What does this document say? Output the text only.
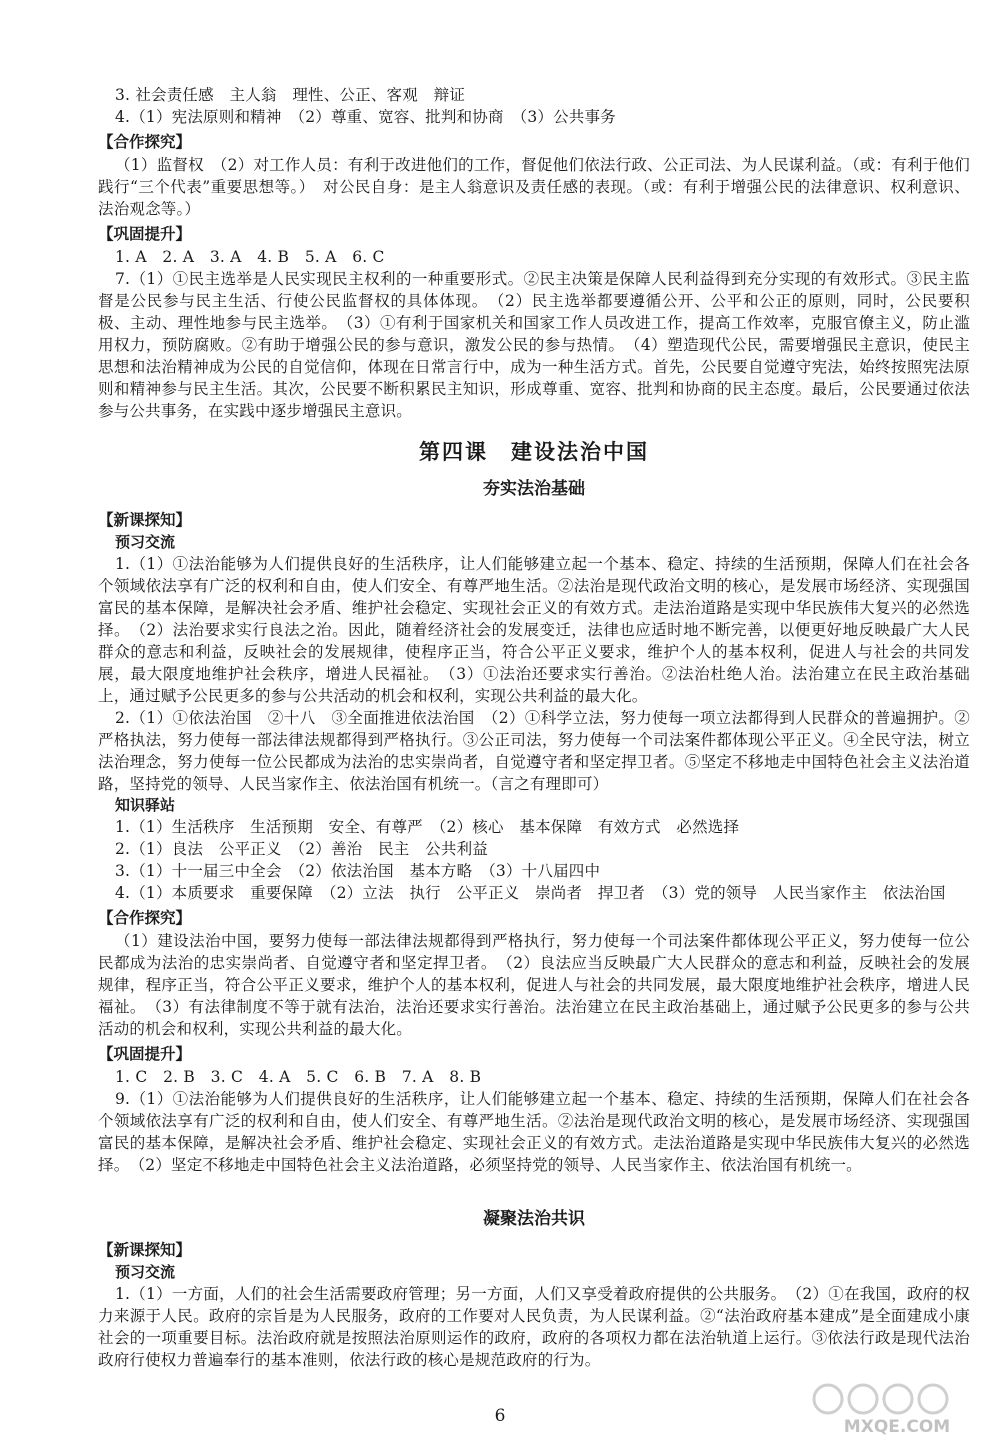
3. 社会责任感　主人翁　理性、公正、客观　辩证

4.（1）宪法原则和精神　（2）尊重、宽容、批判和协商　（3）公共事务

【合作探究】

（1）监督权　（2）对工作人员：有利于改进他们的工作，督促他们依法行政、公正司法、为人民谋利益。（或：有利于他们践行“三个代表”重要思想等。）　对公民自身：是主人翁意识及责任感的表现。（或：有利于增强公民的法律意识、权利意识、法治观念等。）

【巩固提升】

1. A　2. A　3. A　4. B　5. A　6. C

7.（1）①民主选举是人民实现民主权利的一种重要形式。②民主决策是保障人民利益得到充分实现的有效形式。③民主监督是公民参与民主生活、行使公民监督权的具体体现。　（2）民主选举都要遵循公开、公平和公正的原则，同时，公民要积极、主动、理性地参与民主选举。　（3）①有利于国家机关和国家工作人员改进工作，提高工作效率，克服官僚主义，防止滥用权力，预防腐败。②有助于增强公民的参与意识，激发公民的参与热情。　（4）塑造现代公民，需要增强民主意识，使民主思想和法治精神成为公民的自觉信仰，体现在日常言行中，成为一种生活方式。首先，公民要自觉遵守宪法，始终按照宪法原则和精神参与民主生活。其次，公民要不断积累民主知识，形成尊重、宽容、批判和协商的民主态度。最后，公民要通过依法参与公共事务，在实践中逐步增强民主意识。

第四课　建设法治中国
夯实法治基础
【新课探知】
预习交流

1.（1）①法治能够为人们提供良好的生活秩序，让人们能够建立起一个基本、稳定、持续的生活预期，保障人们在社会各个领域依法享有广泛的权利和自由，使人们安全、有尊严地生活。②法治是现代政治文明的核心，是发展市场经济、实现强国富民的基本保障，是解决社会矛盾、维护社会稳定、实现社会正义的有效方式。走法治道路是实现中华民族伟大复兴的必然选择。　（2）法治要求实行良法之治。因此，随着经济社会的发展变迁，法律也应适时地不断完善，以便更好地反映最广大人民群众的意志和利益，反映社会的发展规律，使程序正当，符合公平正义要求，维护个人的基本权利，促进人与社会的共同发展，最大限度地维护社会秩序，增进人民福祉。　（3）①法治还要求实行善治。②法治杜绝人治。法治建立在民主政治基础上，通过赋予公民更多的参与公共活动的机会和权利，实现公共利益的最大化。

2.（1）①依法治国　②十八　③全面推进依法治国　（2）①科学立法，努力使每一项立法都得到人民群众的普遍拥护。②严格执法，努力使每一部法律法规都得到严格执行。③公正司法，努力使每一个司法案件都体现公平正义。④全民守法，树立法治理念，努力使每一位公民都成为法治的忠实崇尚者，自觉遵守者和坚定捍卫者。⑤坚定不移地走中国特色社会主义法治道路，坚持党的领导、人民当家作主、依法治国有机统一。（言之有理即可）

知识驿站

1.（1）生活秩序　生活预期　安全、有尊严　（2）核心　基本保障　有效方式　必然选择

2.（1）良法　公平正义　（2）善治　民主　公共利益

3.（1）十一届三中全会　（2）依法治国　基本方略　（3）十八届四中

4.（1）本质要求　重要保障　（2）立法　执行　公平正义　崇尚者　捍卫者　（3）党的领导　人民当家作主　依法治国

【合作探究】

（1）建设法治中国，要努力使每一部法律法规都得到严格执行，努力使每一个司法案件都体现公平正义，努力使每一位公民都成为法治的忠实崇尚者、自觉遵守者和坚定捍卫者。　（2）良法应当反映最广大人民群众的意志和利益，反映社会的发展规律，程序正当，符合公平正义要求，维护个人的基本权利，促进人与社会的共同发展，最大限度地维护社会秩序，增进人民福祉。　（3）有法律制度不等于就有法治，法治还要求实行善治。法治建立在民主政治基础上，通过赋予公民更多的参与公共活动的机会和权利，实现公共利益的最大化。

【巩固提升】

1. C　2. B　3. C　4. A　5. C　6. B　7. A　8. B

9.（1）①法治能够为人们提供良好的生活秩序，让人们能够建立起一个基本、稳定、持续的生活预期，保障人们在社会各个领域依法享有广泛的权利和自由，使人们安全、有尊严地生活。②法治是现代政治文明的核心，是发展市场经济、实现强国富民的基本保障，是解决社会矛盾、维护社会稳定、实现社会正义的有效方式。走法治道路是实现中华民族伟大复兴的必然选择。　（2）坚定不移地走中国特色社会主义法治道路，必须坚持党的领导、人民当家作主、依法治国有机统一。

凝聚法治共识
【新课探知】
预习交流

1.（1）一方面，人们的社会生活需要政府管理；另一方面，人们又享受着政府提供的公共服务。　（2）①在我国，政府的权力来源于人民。政府的宗旨是为人民服务，政府的工作要对人民负责，为人民谋利益。②“法治政府基本建成”是全面建成小康社会的一项重要目标。法治政府就是按照法治原则运作的政府，政府的各项权力都在法治轨道上运行。③依法行政是现代法治政府行使权力普遍奉行的基本准则，依法行政的核心是规范政府的行为。

6
MXQE.COM
